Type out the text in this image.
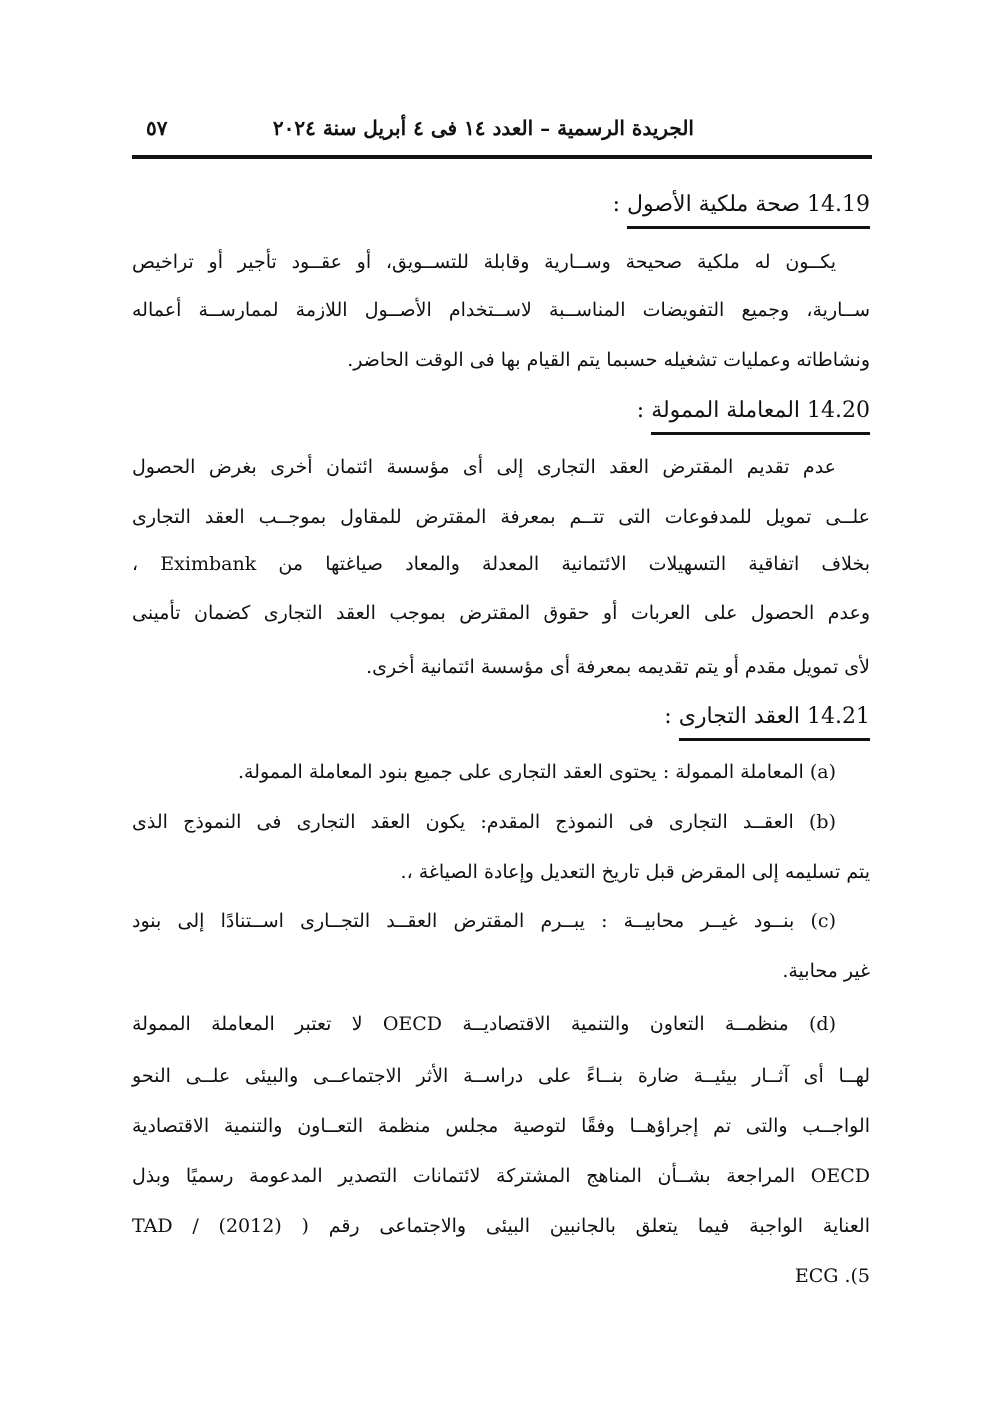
الجريدة الرسمية – العدد ١٤ فى ٤ أبريل سنة ٢٠٢٤
٥٧
14.19 صحة ملكية الأصول :
يكــون له ملكية صحيحة وســارية وقابلة للتســويق، أو عقــود تأجير أو تراخيص
ســارية، وجميع التفويضات المناســبة لاســتخدام الأصــول اللازمة لممارســة أعماله
ونشاطاته وعمليات تشغيله حسبما يتم القيام بها فى الوقت الحاضر.
14.20 المعاملة الممولة :
عدم تقديم المقترض العقد التجارى إلى أى مؤسسة ائتمان أخرى بغرض الحصول
علــى تمويل للمدفوعات التى تتــم بمعرفة المقترض للمقاول بموجــب العقد التجارى
بخلاف اتفاقية التسهيلات الائتمانية المعدلة والمعاد صياغتها من Eximbank ،
وعدم الحصول على العربات أو حقوق المقترض بموجب العقد التجارى كضمان تأمينى
لأى تمويل مقدم أو يتم تقديمه بمعرفة أى مؤسسة ائتمانية أخرى.
14.21 العقد التجارى :
(a) المعاملة الممولة : يحتوى العقد التجارى على جميع بنود المعاملة الممولة.
(b) العقــد التجارى فى النموذج المقدم: يكون العقد التجارى فى النموذج الذى
يتم تسليمه إلى المقرض قبل تاريخ التعديل وإعادة الصياغة ،.
(c) بنــود غيــر محابيــة : يبــرم المقترض العقــد التجــارى اســتنادًا إلى بنود
غير محابية.
(d) منظمــة التعاون والتنمية الاقتصاديــة OECD لا تعتبر المعاملة الممولة
لهــا أى آثــار بيئيــة ضارة بنــاءً على دراســة الأثر الاجتماعــى والبيئى علــى النحو
الواجــب والتى تم إجراؤهــا وفقًا لتوصية مجلس منظمة التعــاون والتنمية الاقتصادية
OECD المراجعة بشــأن المناهج المشتركة لائتمانات التصدير المدعومة رسميًا وبذل
العناية الواجبة فيما يتعلق بالجانبين البيئى والاجتماعى رقم ( (2012) / TAD
ECG .(5
